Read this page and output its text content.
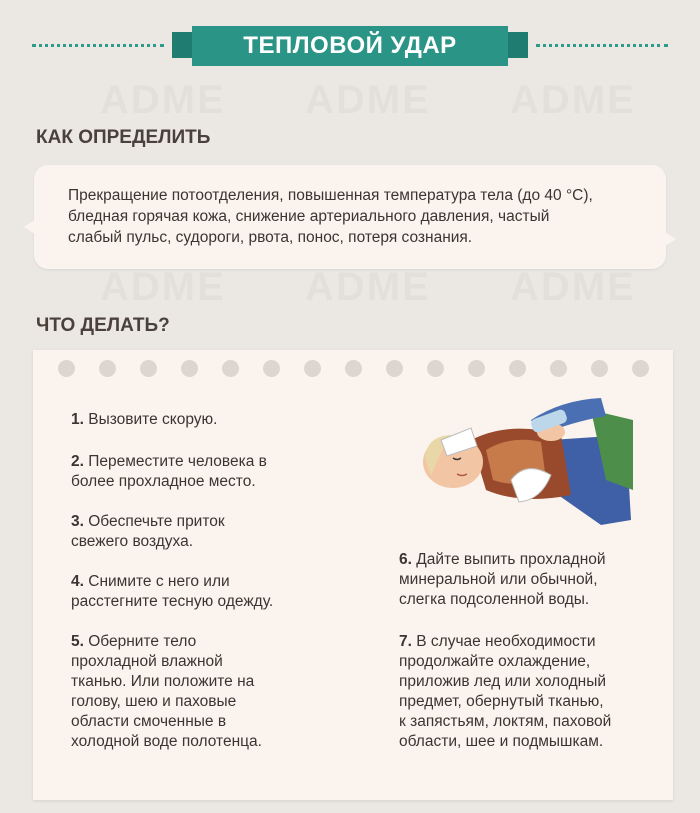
ТЕПЛОВОЙ УДАР
КАК ОПРЕДЕЛИТЬ
Прекращение потоотделения, повышенная температура тела (до 40 °С),
бледная горячая кожа, снижение артериального давления, частый
слабый пульс, судороги, рвота, понос, потеря сознания.
ЧТО ДЕЛАТЬ?
1. Вызовите скорую.
2. Переместите человека в
более прохладное место.
3. Обеспечьте приток
свежего воздуха.
4. Снимите с него или
расстегните тесную одежду.
5. Оберните тело
прохладной влажной
тканью. Или положите на
голову, шею и паховые
области смоченные в
холодной воде полотенца.
6. Дайте выпить прохладной
минеральной или обычной,
слегка подсоленной воды.
7. В случае необходимости
продолжайте охлаждение,
приложив лед или холодный
предмет, обернутый тканью,
к запястьям, локтям, паховой
области, шее и подмышкам.
